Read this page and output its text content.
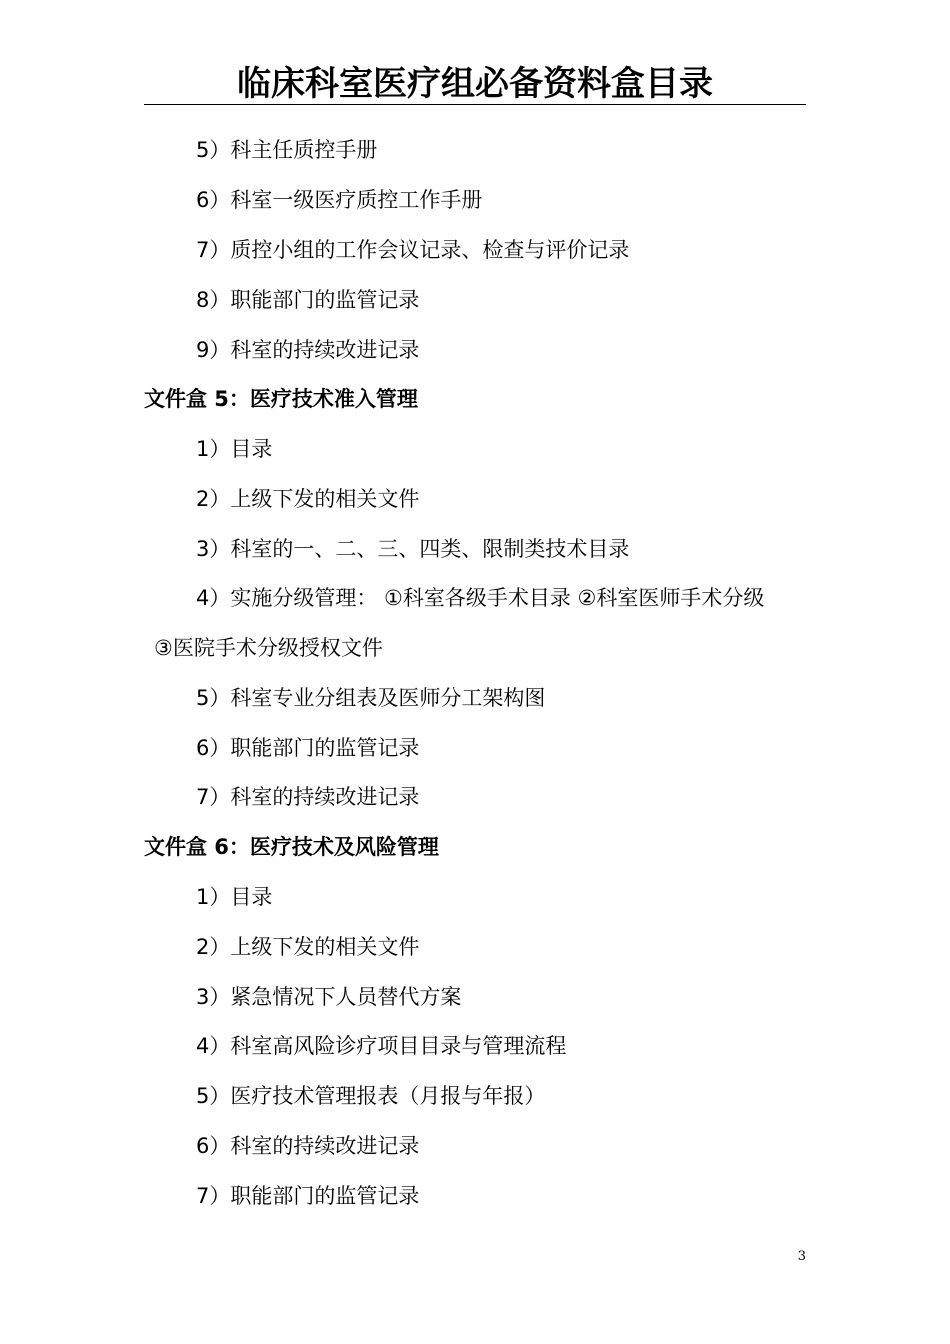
临床科室医疗组必备资料盒目录
5）科主任质控手册
6）科室一级医疗质控工作手册
7）质控小组的工作会议记录、检查与评价记录
8）职能部门的监管记录
9）科室的持续改进记录
文件盒 5：医疗技术准入管理
1）目录
2）上级下发的相关文件
3）科室的一、二、三、四类、限制类技术目录
4）实施分级管理： ①科室各级手术目录 ②科室医师手术分级
③医院手术分级授权文件
5）科室专业分组表及医师分工架构图
6）职能部门的监管记录
7）科室的持续改进记录
文件盒 6：医疗技术及风险管理
1）目录
2）上级下发的相关文件
3）紧急情况下人员替代方案
4）科室高风险诊疗项目目录与管理流程
5）医疗技术管理报表（月报与年报）
6）科室的持续改进记录
7）职能部门的监管记录
3
